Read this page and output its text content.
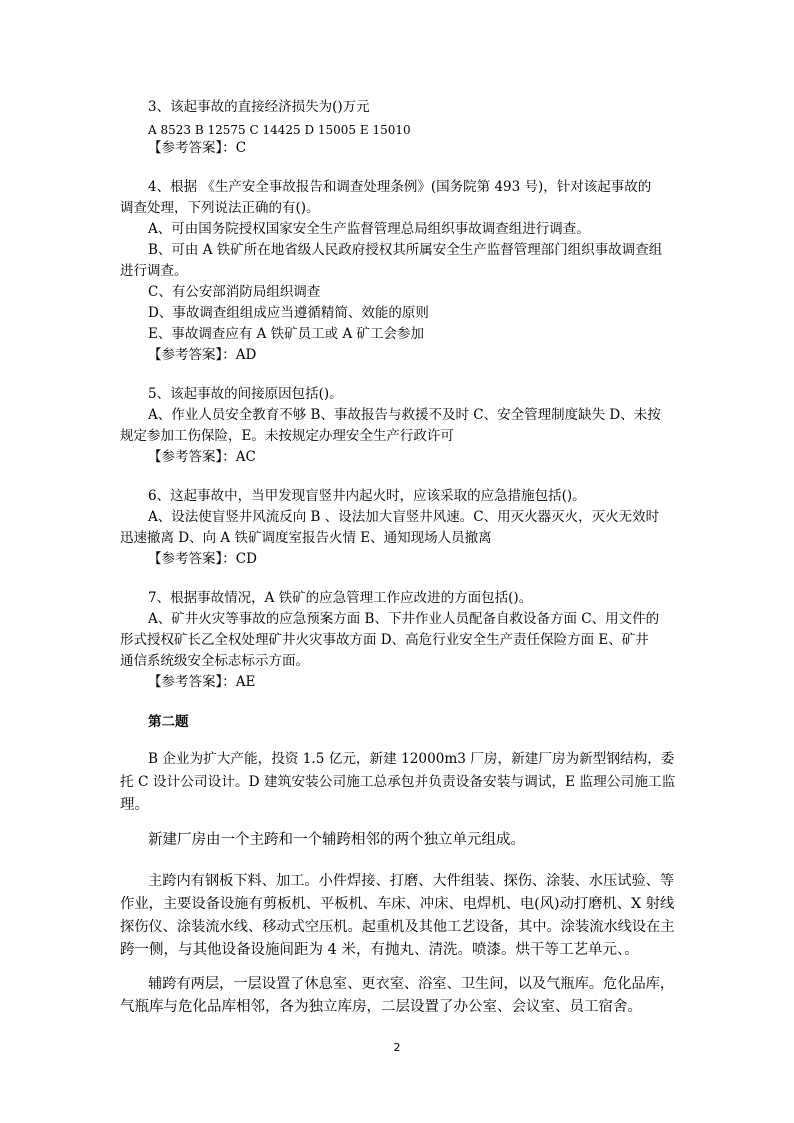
3、该起事故的直接经济损失为()万元
A 8523 B 12575 C 14425 D 15005 E 15010
【参考答案】：C
4、根据 《生产安全事故报告和调查处理条例》(国务院第 493 号)，针对该起事故的
调查处理，下列说法正确的有()。
A、可由国务院授权国家安全生产监督管理总局组织事故调查组进行调查。
B、可由 A 铁矿所在地省级人民政府授权其所属安全生产监督管理部门组织事故调查组
进行调查。
C、有公安部消防局组织调查
D、事故调查组组成应当遵循精简、效能的原则
E、事故调查应有 A 铁矿员工或 A 矿工会参加
【参考答案】：AD
5、该起事故的间接原因包括()。
A、作业人员安全教育不够 B、事故报告与救援不及时 C、安全管理制度缺失 D、未按
规定参加工伤保险，E。未按规定办理安全生产行政许可
【参考答案】：AC
6、这起事故中，当甲发现盲竖井内起火时，应该采取的应急措施包括()。
A、设法使盲竖井风流反向 B 、设法加大盲竖井风速。C、用灭火器灭火，灭火无效时
迅速撤离 D、向 A 铁矿调度室报告火情 E、通知现场人员撤离
【参考答案】：CD
7、根据事故情况，A 铁矿的应急管理工作应改进的方面包括()。
A、矿井火灾等事故的应急预案方面 B、下井作业人员配备自救设备方面 C、用文件的
形式授权矿长乙全权处理矿井火灾事故方面 D、高危行业安全生产责任保险方面 E、矿井
通信系统级安全标志标示方面。
【参考答案】：AE
第二题
B 企业为扩大产能，投资 1.5 亿元，新建 12000m3 厂房，新建厂房为新型钢结构，委
托 C 设计公司设计。D 建筑安装公司施工总承包并负责设备安装与调试，E 监理公司施工监
理。
新建厂房由一个主跨和一个辅跨相邻的两个独立单元组成。
主跨内有钢板下料、加工。小件焊接、打磨、大件组装、探伤、涂装、水压试验、等
作业，主要设备设施有剪板机、平板机、车床、冲床、电焊机、电(风)动打磨机、X 射线
探伤仪、涂装流水线、移动式空压机。起重机及其他工艺设备，其中。涂装流水线设在主
跨一侧，与其他设备设施间距为 4 米，有抛丸、清洗。喷漆。烘干等工艺单元、。
辅跨有两层，一层设置了休息室、更衣室、浴室、卫生间，以及气瓶库。危化品库，
气瓶库与危化品库相邻，各为独立库房，二层设置了办公室、会议室、员工宿舍。
2
